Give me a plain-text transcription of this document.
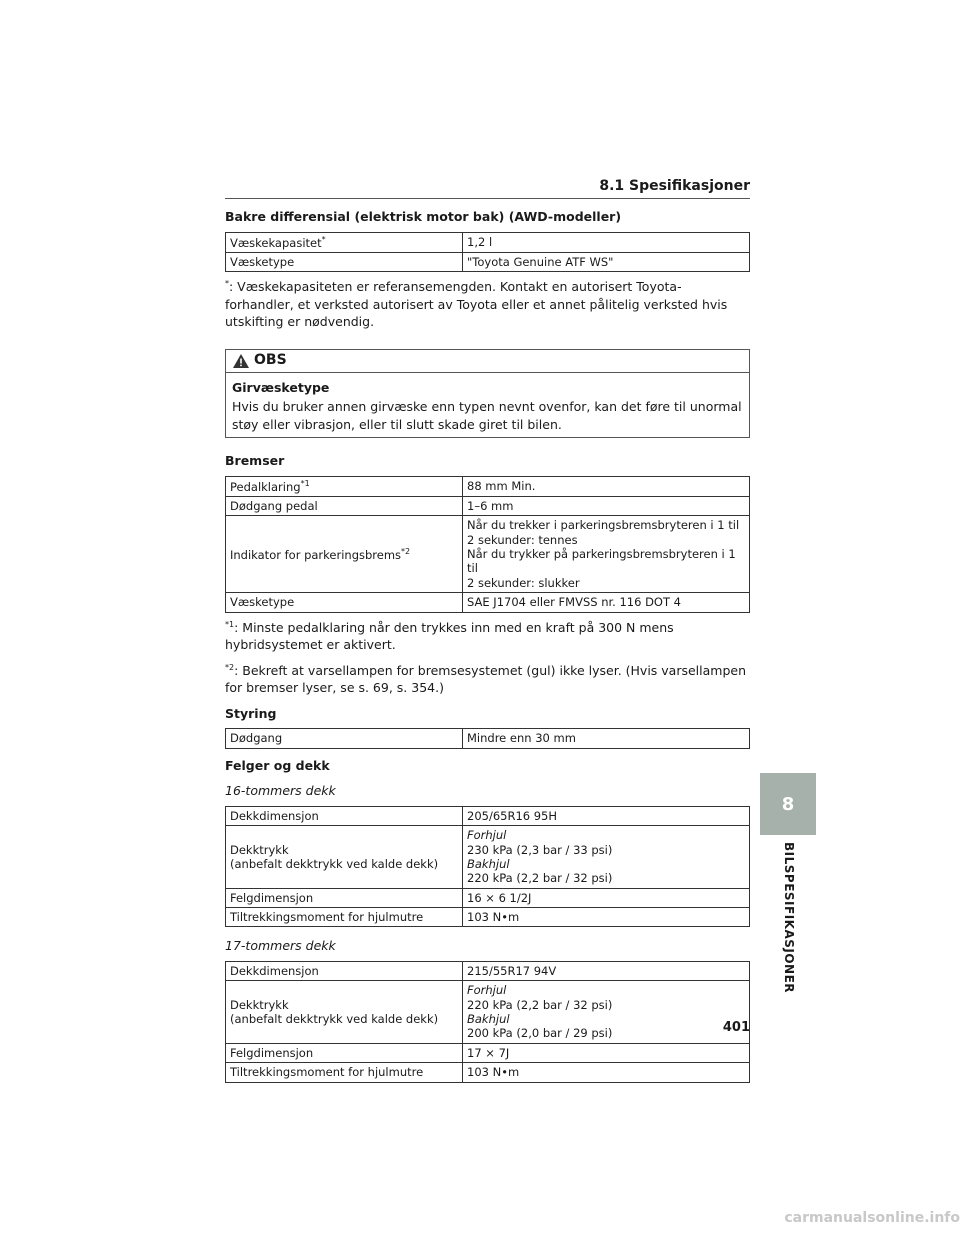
8.1 Spesifikasjoner
Bakre differensial (elektrisk motor bak) (AWD-modeller)
Væskekapasitet*	1,2 l
Væsketype	"Toyota Genuine ATF WS"
*: Væskekapasiteten er referansemengden. Kontakt en autorisert Toyota-forhandler, et verksted autorisert av Toyota eller et annet pålitelig verksted hvis utskifting er nødvendig.
OBS
Girvæsketype
Hvis du bruker annen girvæske enn typen nevnt ovenfor, kan det føre til unormal støy eller vibrasjon, eller til slutt skade giret til bilen.
Bremser
Pedalklaring$^{*1}$	88 mm Min.
Dødgang pedal	1–6 mm
Indikator for parkeringsbrems$^{*2}$	Når du trekker i parkeringsbremsbryteren i 1 til
2 sekunder: tennes
Når du trykker på parkeringsbremsbryteren i 1 til
2 sekunder: slukker

Væsketype	SAE J1704 eller FMVSS nr. 116 DOT 4
$^{*1}$: Minste pedalklaring når den trykkes inn med en kraft på 300 N mens hybridsystemet er aktivert.
$^{*2}$: Bekreft at varsellampen for bremsesystemet (gul) ikke lyser. (Hvis varsellampen for bremser lyser, se s. 69, s. 354.)
Styring
Dødgang	Mindre enn 30 mm
Felger og dekk
16-tommers dekk
Dekkdimensjon	205/65R16 95H

Dekktrykk
(anbefalt dekktrykk ved kalde dekk)	Forhjul
230 kPa (2,3 bar / 33 psi)
Bakhjul
220 kPa (2,2 bar / 32 psi)

Felgdimensjon	16 × 6 1/2J
Tiltrekkingsmoment for hjulmutre	103 N•m
17-tommers dekk
Dekkdimensjon	215/55R17 94V

Dekktrykk
(anbefalt dekktrykk ved kalde dekk)	Forhjul
220 kPa (2,2 bar / 32 psi)
Bakhjul
200 kPa (2,0 bar / 29 psi)

Felgdimensjon	17 × 7J
Tiltrekkingsmoment for hjulmutre	103 N•m
8
BILSPESIFIKASJONER
401
carmanualsonline.info
